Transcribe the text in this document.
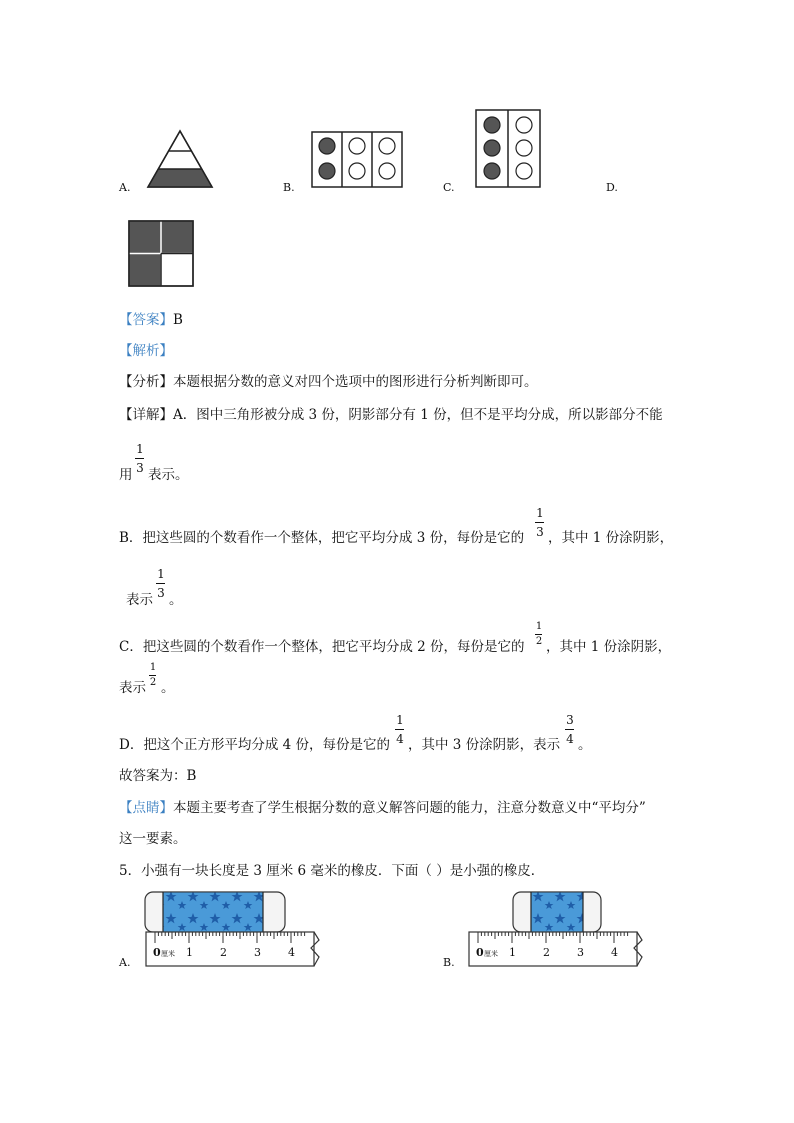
A.	B.	C.	D.
【答案】B
【解析】
【分析】本题根据分数的意义对四个选项中的图形进行分析判断即可。
【详解】A．图中三角形被分成 3 份，阴影部分有 1 份，但不是平均分成，所以影部分不能
用
1
3 表示。
B．把这些圆的个数看作一个整体，把它平均分成 3 份，每份是它的
1
3 ，其中 1 份涂阴影，
表示
1
3 。
C．把这些圆的个数看作一个整体，把它平均分成 2 份，每份是它的
1
2 ，其中 1 份涂阴影，
表示
1
2 。
D．把这个正方形平均分成 4 份，每份是它的
1
4 ，其中 3 份涂阴影，表示
3
4 。
故答案为：B
【点睛】本题主要考查了学生根据分数的意义解答问题的能力，注意分数意义中“平均分”
这一要素。
5．小强有一块长度是 3 厘米 6 毫米的橡皮．下面（ ）是小强的橡皮．
A.
0 厘米 1 2 3 4
B.
0 厘米 1 2 3 4
